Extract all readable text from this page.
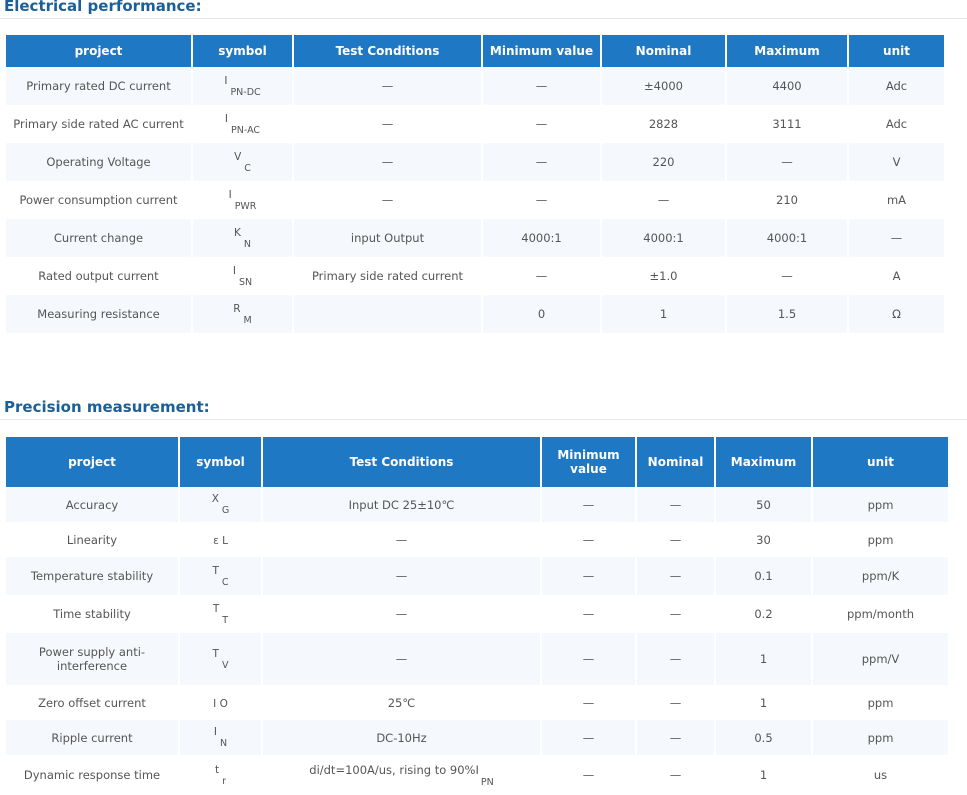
Electrical performance:
project	symbol	Test Conditions	Minimum value	Nominal	Maximum	unit
Primary rated DC current	$I_{PN-DC}$	—	—	±4000	4400	Adc
Primary side rated AC current	$I_{PN-AC}$	—	—	2828	3111	Adc
Operating Voltage	$V_C$	—	—	220	—	V
Power consumption current	$I_{PWR}$	—	—	—	210	mA
Current change	$K_N$	input Output	4000:1	4000:1	4000:1	—
Rated output current	$I_{SN}$	Primary side rated current	—	±1.0	—	A
Measuring resistance	$R_M$		0	1	1.5	Ω
Precision measurement:
project	symbol	Test Conditions	Minimum value	Nominal	Maximum	unit
Accuracy	$X_G$	Input DC 25±10℃	—	—	50	ppm
Linearity	ε L	—	—	—	30	ppm
Temperature stability	$T_C$	—	—	—	0.1	ppm/K
Time stability	$T_T$	—	—	—	0.2	ppm/month
Power supply anti-interference	$T_V$	—	—	—	1	ppm/V
Zero offset current	I O	25℃	—	—	1	ppm
Ripple current	$I_N$	DC-10Hz	—	—	0.5	ppm
Dynamic response time	$t_r$	di/dt=100A/us, rising to $90\%I_{PN}$	—	—	1	us
